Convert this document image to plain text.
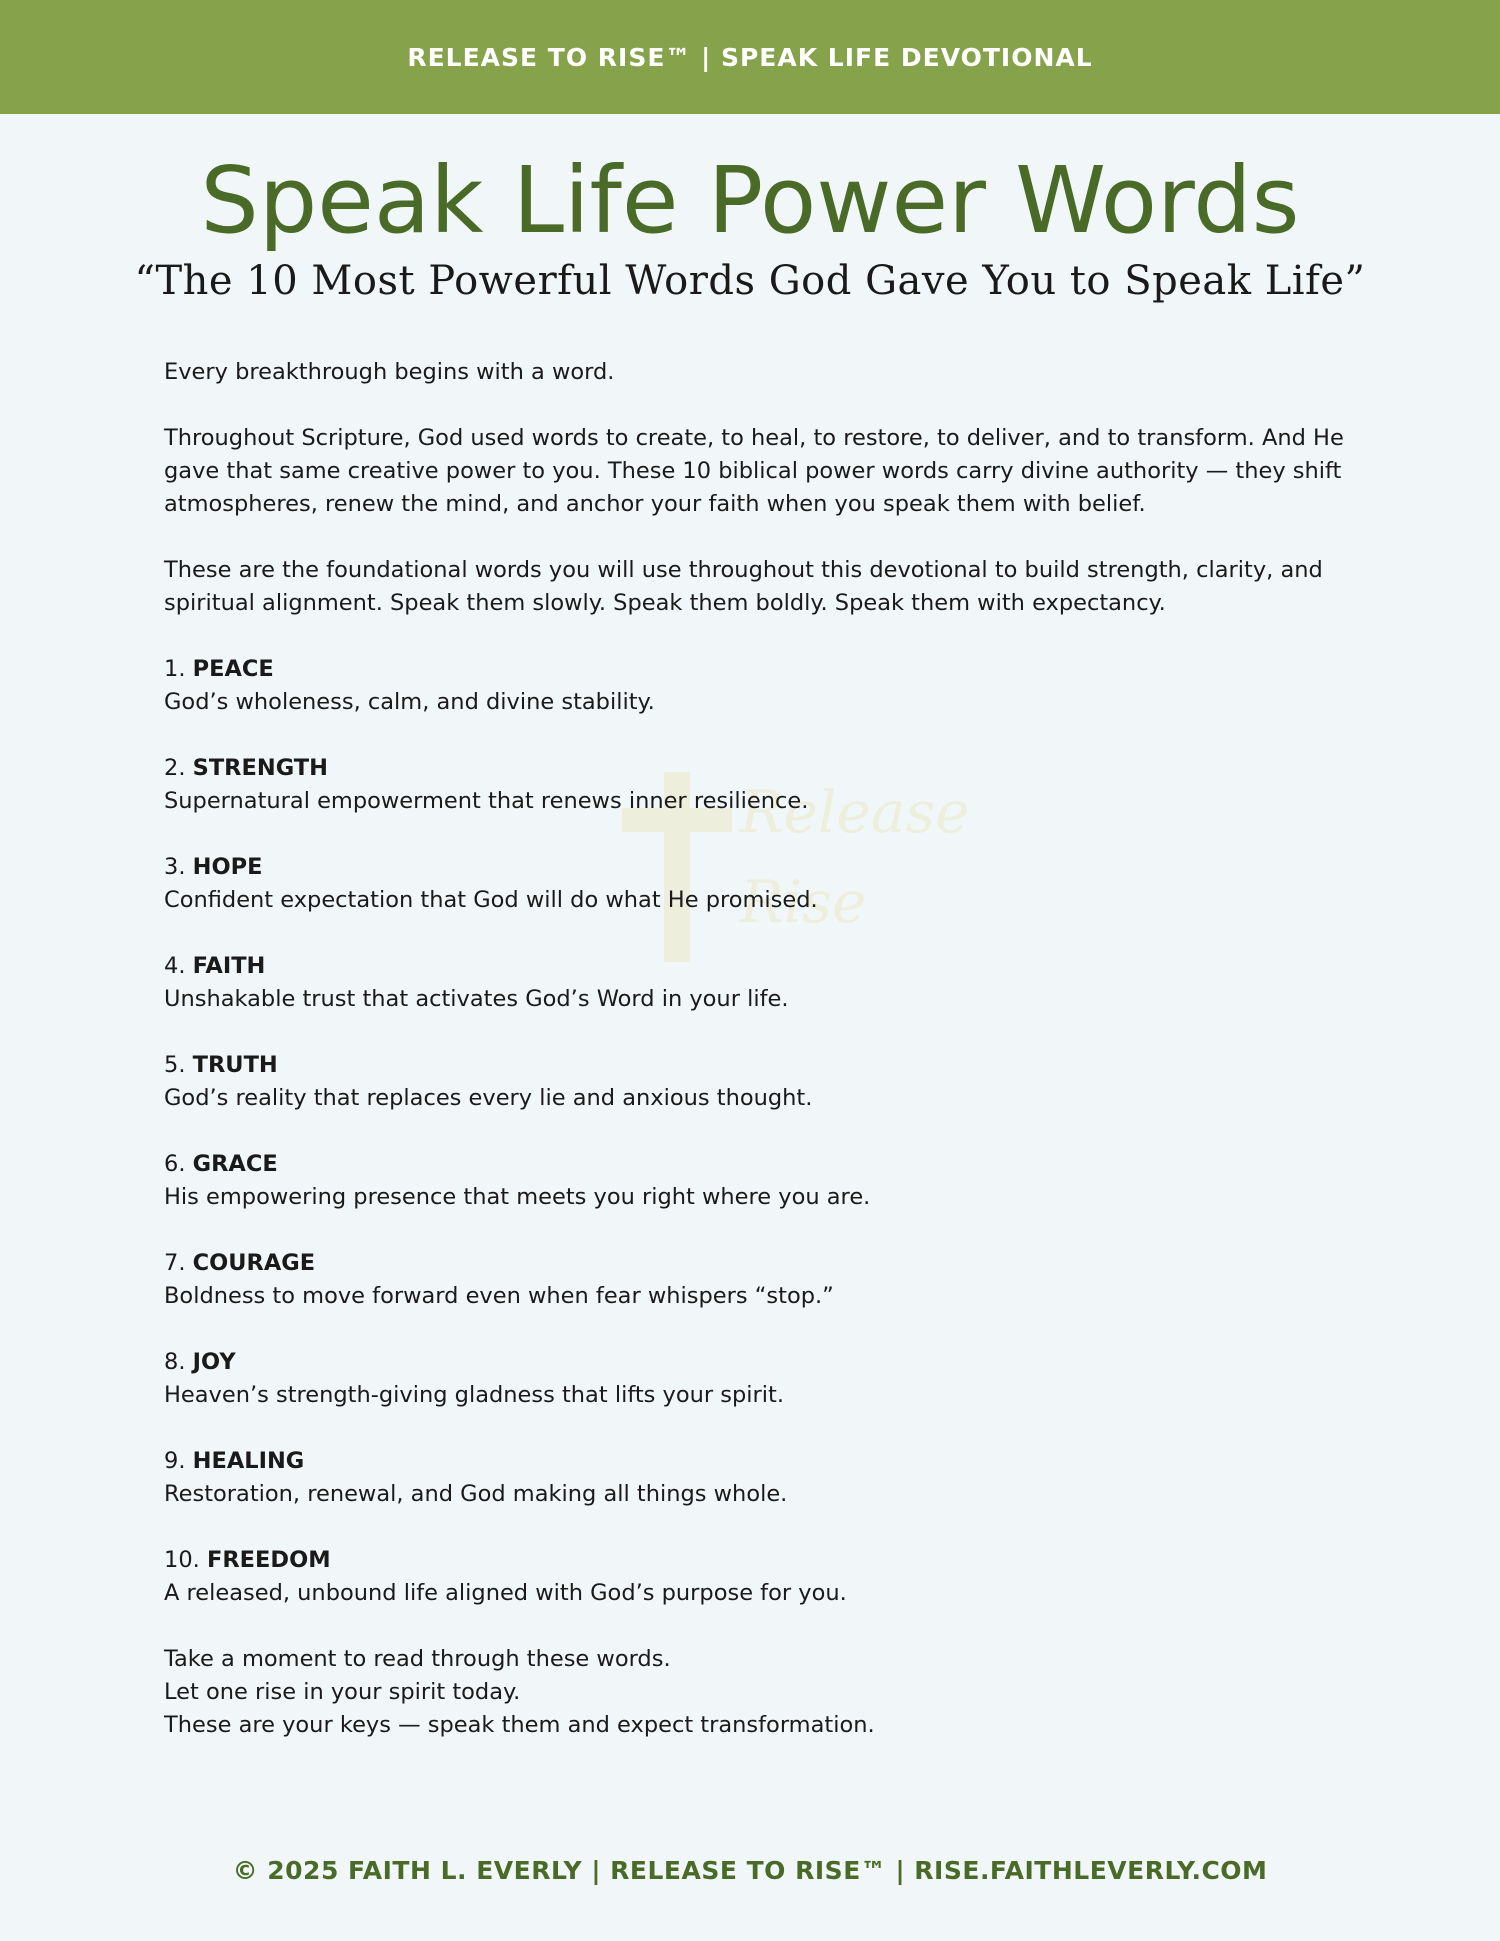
RELEASE TO RISE™ | SPEAK LIFE DEVOTIONAL
Speak Life Power Words
“The 10 Most Powerful Words God Gave You to Speak Life”
Release
Rise

Every breakthrough begins with a word.

Throughout Scripture, God used words to create, to heal, to restore, to deliver, and to transform. And He gave that same creative power to you. These 10 biblical power words carry divine authority — they shift atmospheres, renew the mind, and anchor your faith when you speak them with belief.

These are the foundational words you will use throughout this devotional to build strength, clarity, and spiritual alignment. Speak them slowly. Speak them boldly. Speak them with expectancy.

1. PEACE
God’s wholeness, calm, and divine stability.
2. STRENGTH
Supernatural empowerment that renews inner resilience.
3. HOPE
Confident expectation that God will do what He promised.
4. FAITH
Unshakable trust that activates God’s Word in your life.
5. TRUTH
God’s reality that replaces every lie and anxious thought.
6. GRACE
His empowering presence that meets you right where you are.
7. COURAGE
Boldness to move forward even when fear whispers “stop.”
8. JOY
Heaven’s strength-giving gladness that lifts your spirit.
9. HEALING
Restoration, renewal, and God making all things whole.
10. FREEDOM
A released, unbound life aligned with God’s purpose for you.

Take a moment to read through these words.

Let one rise in your spirit today.

These are your keys — speak them and expect transformation.

© 2025 FAITH L. EVERLY | RELEASE TO RISE™ | RISE.FAITHLEVERLY.COM
